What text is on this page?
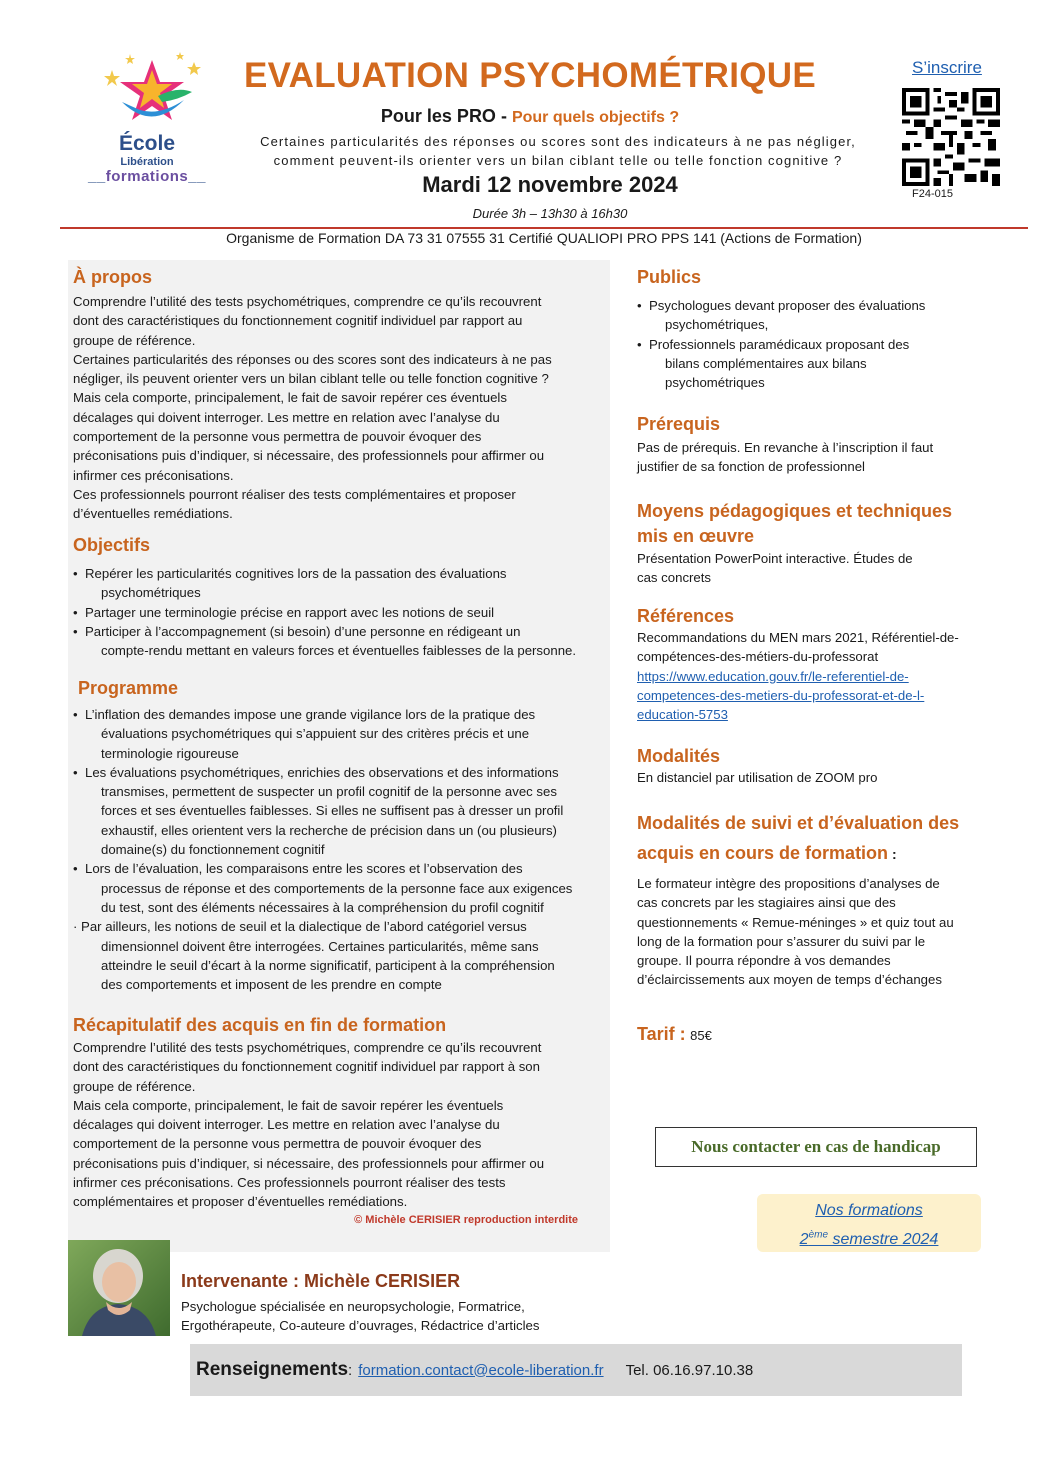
École
Libération
__formations__
EVALUATION PSYCHOMÉTRIQUE
Pour les PRO - Pour quels objectifs ?
Certaines particularités des réponses ou scores sont des indicateurs à ne pas négliger,
comment peuvent-ils orienter vers un bilan ciblant telle ou telle fonction cognitive ?
Mardi 12 novembre 2024
Durée 3h – 13h30 à 16h30
S’inscrire
F24-015
Organisme de Formation DA 73 31 07555 31 Certifié QUALIOPI PRO PPS 141 (Actions de Formation)
À propos
Comprendre l’utilité des tests psychométriques, comprendre ce qu’ils recouvrent
dont des caractéristiques du fonctionnement cognitif individuel par rapport au
groupe de référence.
Certaines particularités des réponses ou des scores sont des indicateurs à ne pas
négliger, ils peuvent orienter vers un bilan ciblant telle ou telle fonction cognitive ?
Mais cela comporte, principalement, le fait de savoir repérer ces éventuels
décalages qui doivent interroger. Les mettre en relation avec l’analyse du
comportement de la personne vous permettra de pouvoir évoquer des
préconisations puis d’indiquer, si nécessaire, des professionnels pour affirmer ou
infirmer ces préconisations.
Ces professionnels pourront réaliser des tests complémentaires et proposer
d’éventuelles remédiations.
Objectifs
• Repérer les particularités cognitives lors de la passation des évaluations
psychométriques
• Partager une terminologie précise en rapport avec les notions de seuil
• Participer à l’accompagnement (si besoin) d’une personne en rédigeant un
compte-rendu mettant en valeurs forces et éventuelles faiblesses de la personne.
Programme
• L’inflation des demandes impose une grande vigilance lors de la pratique des
évaluations psychométriques qui s’appuient sur des critères précis et une
terminologie rigoureuse
• Les évaluations psychométriques, enrichies des observations et des informations
transmises, permettent de suspecter un profil cognitif de la personne avec ses
forces et ses éventuelles faiblesses. Si elles ne suffisent pas à dresser un profil
exhaustif, elles orientent vers la recherche de précision dans un (ou plusieurs)
domaine(s) du fonctionnement cognitif
• Lors de l’évaluation, les comparaisons entre les scores et l’observation des
processus de réponse et des comportements de la personne face aux exigences
du test, sont des éléments nécessaires à la compréhension du profil cognitif
· Par ailleurs, les notions de seuil et la dialectique de l’abord catégoriel versus
dimensionnel doivent être interrogées. Certaines particularités, même sans
atteindre le seuil d’écart à la norme significatif, participent à la compréhension
des comportements et imposent de les prendre en compte
Récapitulatif des acquis en fin de formation
Comprendre l’utilité des tests psychométriques, comprendre ce qu’ils recouvrent
dont des caractéristiques du fonctionnement cognitif individuel par rapport à son
groupe de référence.
Mais cela comporte, principalement, le fait de savoir repérer les éventuels
décalages qui doivent interroger. Les mettre en relation avec l’analyse du
comportement de la personne vous permettra de pouvoir évoquer des
préconisations puis d’indiquer, si nécessaire, des professionnels pour affirmer ou
infirmer ces préconisations. Ces professionnels pourront réaliser des tests
complémentaires et proposer d’éventuelles remédiations.
© Michèle CERISIER reproduction interdite
Publics
• Psychologues devant proposer des évaluations
psychométriques,
• Professionnels paramédicaux proposant des
bilans complémentaires aux bilans
psychométriques
Prérequis
Pas de prérequis. En revanche à l’inscription il faut
justifier de sa fonction de professionnel
Moyens pédagogiques et techniques
mis en œuvre
Présentation PowerPoint interactive. Études de
cas concrets
Références
Recommandations du MEN mars 2021, Référentiel-de-
compétences-des-métiers-du-professorat
https://www.education.gouv.fr/le-referentiel-de-
competences-des-metiers-du-professorat-et-de-l-
education-5753
Modalités
En distanciel par utilisation de ZOOM pro
Modalités de suivi et d’évaluation des
acquis en cours de formation :
Le formateur intègre des propositions d’analyses de
cas concrets par les stagiaires ainsi que des
questionnements « Remue-méninges » et quiz tout au
long de la formation pour s’assurer du suivi par le
groupe. Il pourra répondre à vos demandes
d’éclaircissements aux moyen de temps d’échanges
Tarif : 85€
Nous contacter en cas de handicap
Nos formations
2ème semestre 2024
Intervenante : Michèle CERISIER
Psychologue spécialisée en neuropsychologie, Formatrice,
Ergothérapeute, Co-auteure d’ouvrages, Rédactrice d’articles
Renseignements : formation.contact@ecole-liberation.fr Tel. 06.16.97.10.38
